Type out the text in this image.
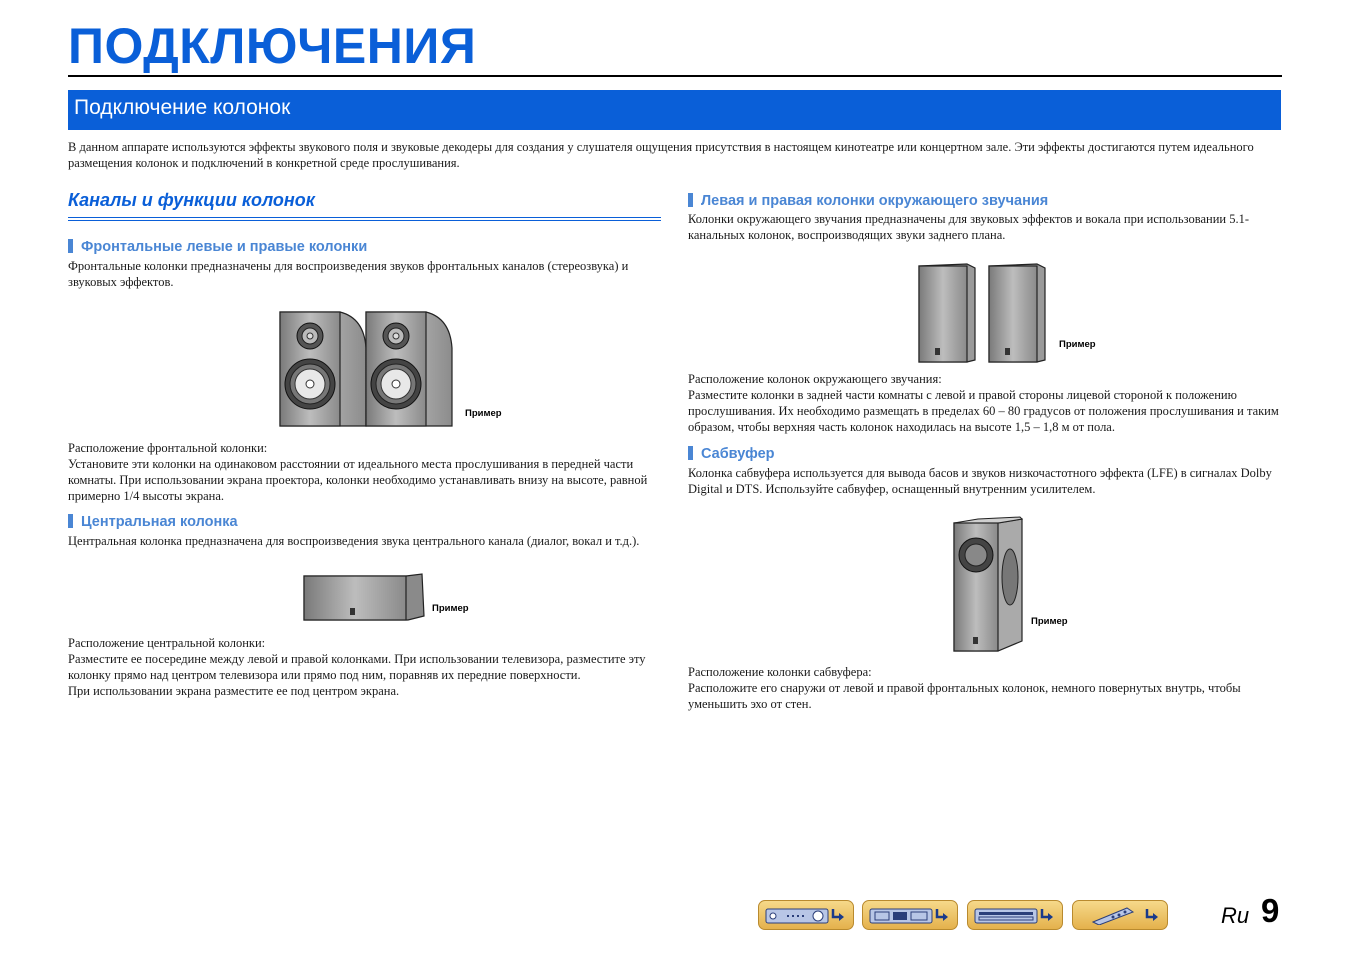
ПОДКЛЮЧЕНИЯ
Подключение колонок
В данном аппарате используются эффекты звукового поля и звуковые декодеры для создания у слушателя ощущения присутствия в настоящем кинотеатре или концертном зале. Эти эффекты достигаются путем идеального размещения колонок и подключений в конкретной среде прослушивания.
Каналы и функции колонок
Фронтальные левые и правые колонки
Фронтальные колонки предназначены для воспроизведения звуков фронтальных каналов (стереозвука) и звуковых эффектов.
Пример
Расположение фронтальной колонки:
Установите эти колонки на одинаковом расстоянии от идеального места прослушивания в передней части комнаты. При использовании экрана проектора, колонки необходимо устанавливать внизу на высоте, равной примерно 1/4 высоты экрана.
Центральная колонка
Центральная колонка предназначена для воспроизведения звука центрального канала (диалог, вокал и т.д.).
Пример
Расположение центральной колонки:
Разместите ее посередине между левой и правой колонками. При использовании телевизора, разместите эту колонку прямо над центром телевизора или прямо под ним, поравняв их передние поверхности.
При использовании экрана разместите ее под центром экрана.
Левая и правая колонки окружающего звучания
Колонки окружающего звучания предназначены для звуковых эффектов и вокала при использовании 5.1-канальных колонок, воспроизводящих звуки заднего плана.
Пример
Расположение колонок окружающего звучания:
Разместите колонки в задней части комнаты с левой и правой стороны лицевой стороной к положению прослушивания. Их необходимо размещать в пределах 60 – 80 градусов от положения прослушивания и таким образом, чтобы верхняя часть колонок находилась на высоте 1,5 – 1,8 м от пола.
Сабвуфер
Колонка сабвуфера используется для вывода басов и звуков низкочастотного эффекта (LFE) в сигналах Dolby Digital и DTS. Используйте сабвуфер, оснащенный внутренним усилителем.
Пример
Расположение колонки сабвуфера:
Расположите его снаружи от левой и правой фронтальных колонок, немного повернутых внутрь, чтобы уменьшить эхо от стен.
Ru 9
